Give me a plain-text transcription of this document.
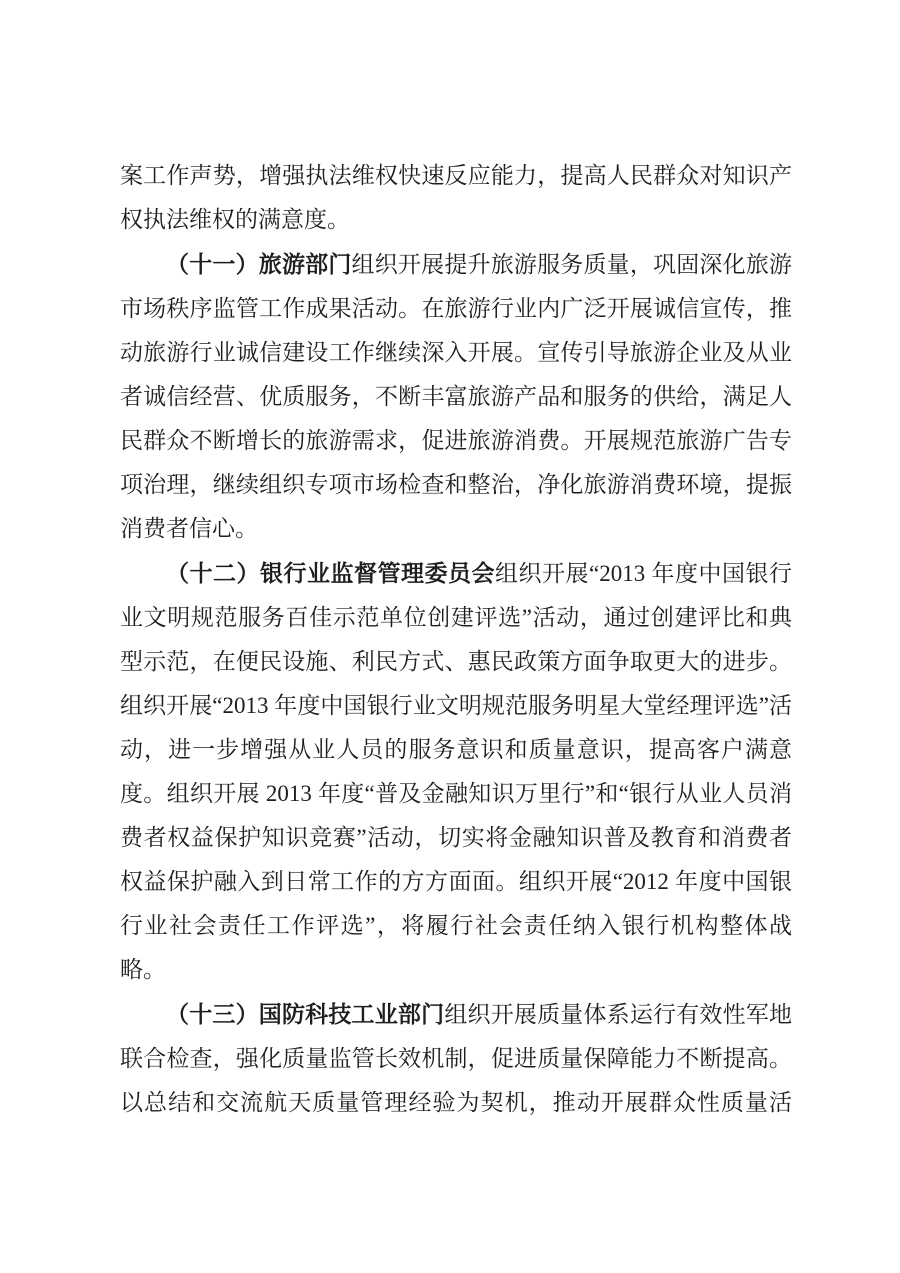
案工作声势，增强执法维权快速反应能力，提高人民群众对知识产权执法维权的满意度。

（十一）旅游部门组织开展提升旅游服务质量，巩固深化旅游市场秩序监管工作成果活动。在旅游行业内广泛开展诚信宣传，推动旅游行业诚信建设工作继续深入开展。宣传引导旅游企业及从业者诚信经营、优质服务，不断丰富旅游产品和服务的供给，满足人民群众不断增长的旅游需求，促进旅游消费。开展规范旅游广告专项治理，继续组织专项市场检查和整治，净化旅游消费环境，提振消费者信心。

（十二）银行业监督管理委员会组织开展“2013 年度中国银行业文明规范服务百佳示范单位创建评选”活动，通过创建评比和典型示范，在便民设施、利民方式、惠民政策方面争取更大的进步。组织开展“2013 年度中国银行业文明规范服务明星大堂经理评选”活动，进一步增强从业人员的服务意识和质量意识，提高客户满意度。组织开展 2013 年度“普及金融知识万里行”和“银行从业人员消费者权益保护知识竞赛”活动，切实将金融知识普及教育和消费者权益保护融入到日常工作的方方面面。组织开展“2012 年度中国银行业社会责任工作评选”，将履行社会责任纳入银行机构整体战略。

（十三）国防科技工业部门组织开展质量体系运行有效性军地联合检查，强化质量监管长效机制，促进质量保障能力不断提高。以总结和交流航天质量管理经验为契机，推动开展群众性质量活
